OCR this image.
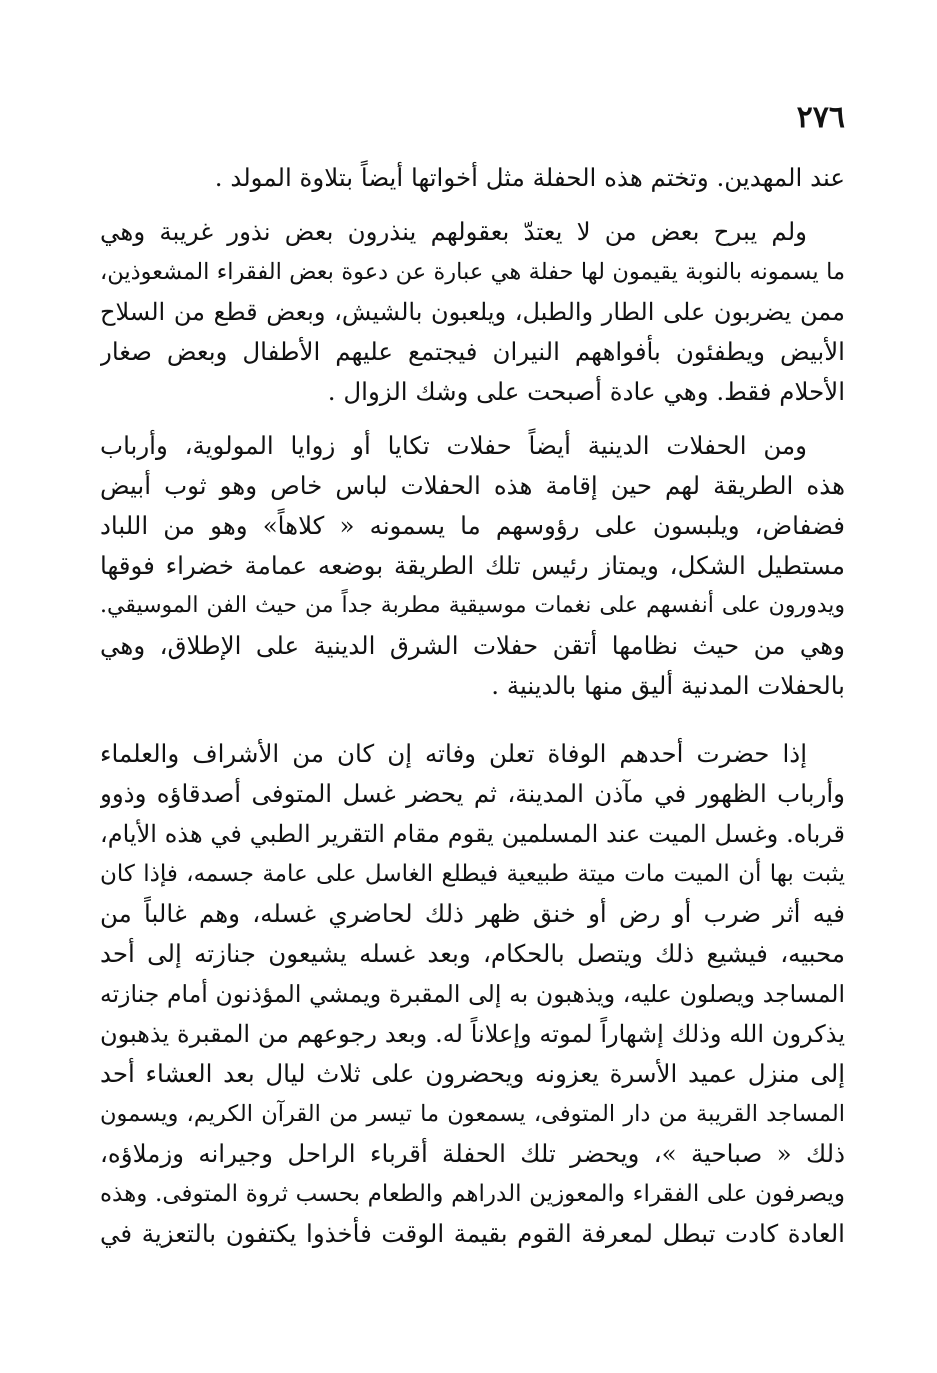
٢٧٦
عند المهدين. وتختم هذه الحفلة مثل أخواتها أيضاً بتلاوة المولد .
ولم يبرح بعض من لا يعتدّ بعقولهم ينذرون بعض نذور غريبة وهي
ما يسمونه بالنوبة يقيمون لها حفلة هي عبارة عن دعوة بعض الفقراء المشعوذين،
ممن يضربون على الطار والطبل، ويلعبون بالشيش، وبعض قطع من السلاح
الأبيض ويطفئون بأفواههم النيران فيجتمع عليهم الأطفال وبعض صغار
الأحلام فقط. وهي عادة أصبحت على وشك الزوال .
ومن الحفلات الدينية أيضاً حفلات تكايا أو زوايا المولوية، وأرباب
هذه الطريقة لهم حين إقامة هذه الحفلات لباس خاص وهو ثوب أبيض
فضفاض، ويلبسون على رؤوسهم ما يسمونه « كلاهاً» وهو من اللباد
مستطيل الشكل، ويمتاز رئيس تلك الطريقة بوضعه عمامة خضراء فوقها
ويدورون على أنفسهم على نغمات موسيقية مطربة جداً من حيث الفن الموسيقي.
وهي من حيث نظامها أتقن حفلات الشرق الدينية على الإطلاق، وهي
بالحفلات المدنية أليق منها بالدينية .
إذا حضرت أحدهم الوفاة تعلن وفاته إن كان من الأشراف والعلماء
وأرباب الظهور في مآذن المدينة، ثم يحضر غسل المتوفى أصدقاؤه وذوو
قرباه. وغسل الميت عند المسلمين يقوم مقام التقرير الطبي في هذه الأيام،
يثبت بها أن الميت مات ميتة طبيعية فيطلع الغاسل على عامة جسمه، فإذا كان
فيه أثر ضرب أو رض أو خنق ظهر ذلك لحاضري غسله، وهم غالباً من
محبيه، فيشيع ذلك ويتصل بالحكام، وبعد غسله يشيعون جنازته إلى أحد
المساجد ويصلون عليه، ويذهبون به إلى المقبرة ويمشي المؤذنون أمام جنازته
يذكرون الله وذلك إشهاراً لموته وإعلاناً له. وبعد رجوعهم من المقبرة يذهبون
إلى منزل عميد الأسرة يعزونه ويحضرون على ثلاث ليال بعد العشاء أحد
المساجد القريبة من دار المتوفى، يسمعون ما تيسر من القرآن الكريم، ويسمون
ذلك « صباحية »، ويحضر تلك الحفلة أقرباء الراحل وجيرانه وزملاؤه،
ويصرفون على الفقراء والمعوزين الدراهم والطعام بحسب ثروة المتوفى. وهذه
العادة كادت تبطل لمعرفة القوم بقيمة الوقت فأخذوا يكتفون بالتعزية في
